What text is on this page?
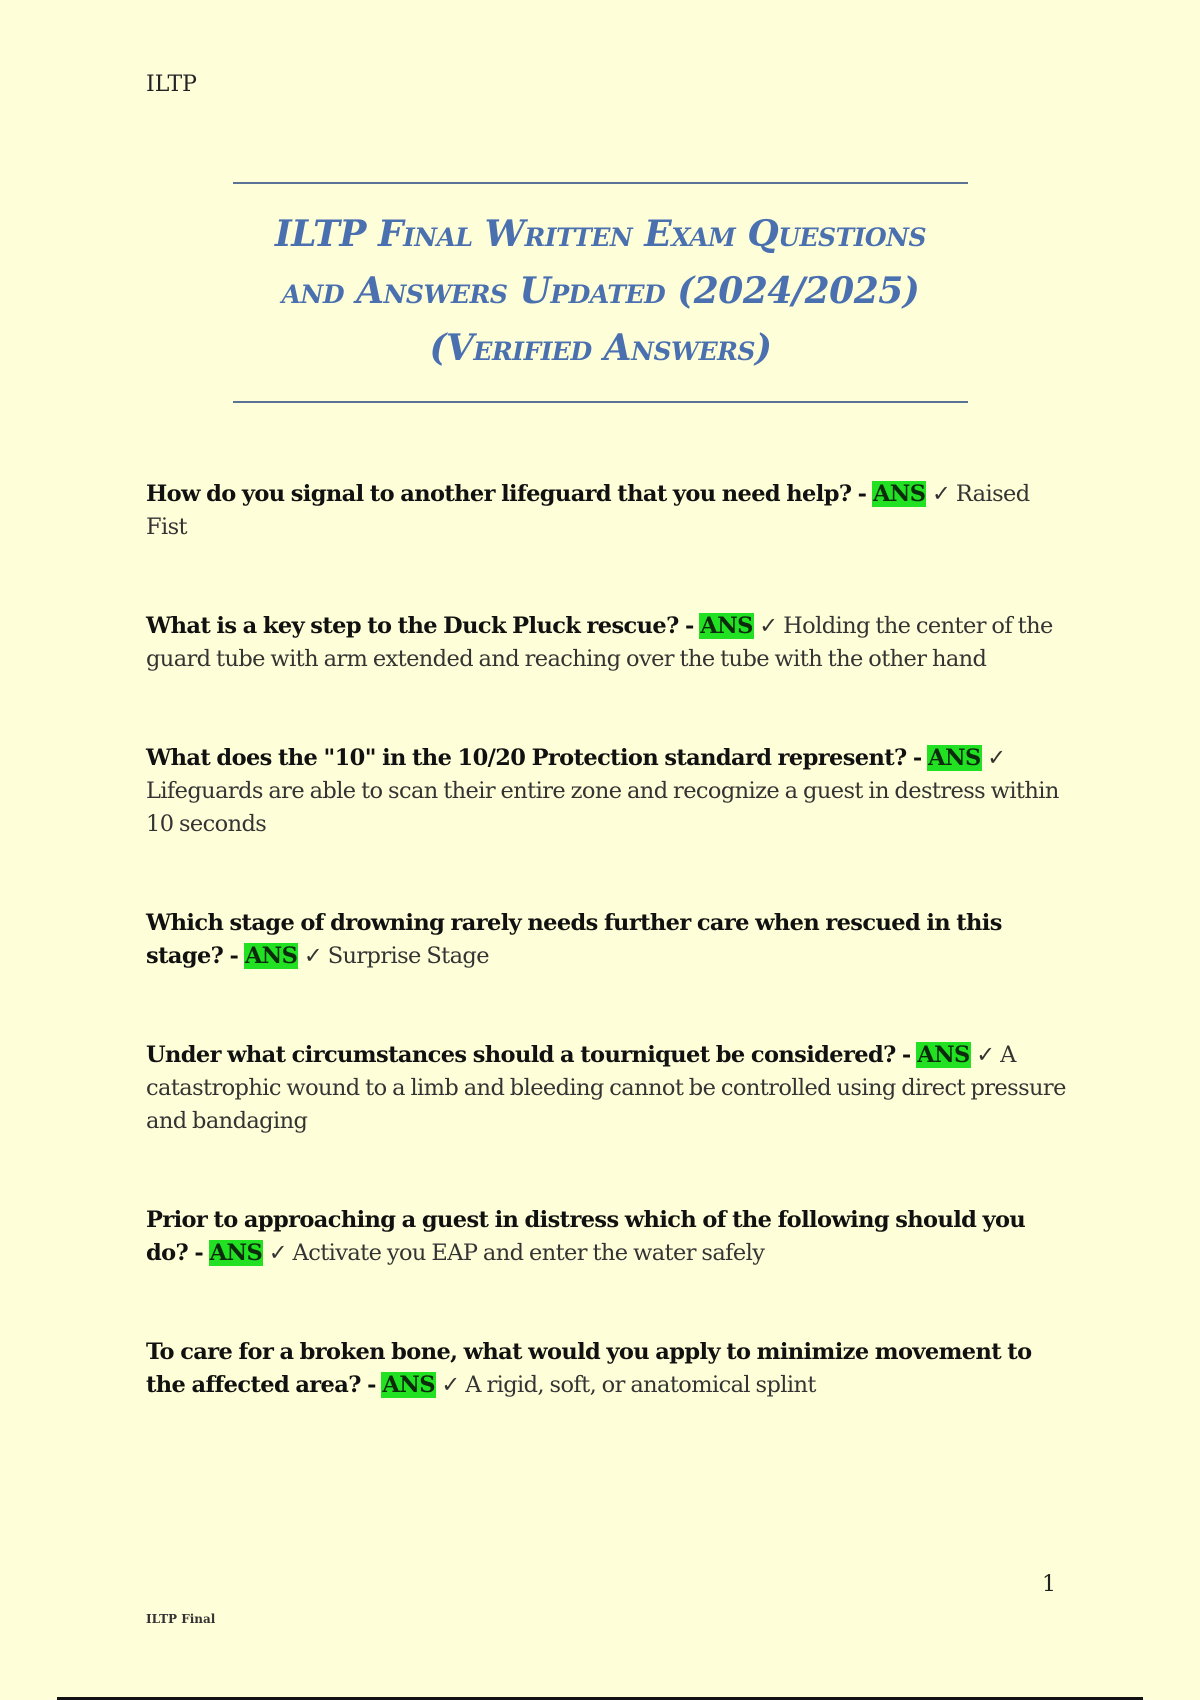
ILTP
ILTP Final Written Exam Questions
and Answers Updated (2024/2025)
(Verified Answers)
How do you signal to another lifeguard that you need help? - ANS ✓ Raised Fist
What is a key step to the Duck Pluck rescue? - ANS ✓ Holding the center of the guard tube with arm extended and reaching over the tube with the other hand
What does the "10" in the 10/20 Protection standard represent? - ANS ✓ Lifeguards are able to scan their entire zone and recognize a guest in destress within 10 seconds
Which stage of drowning rarely needs further care when rescued in this stage? - ANS ✓ Surprise Stage
Under what circumstances should a tourniquet be considered? - ANS ✓ A catastrophic wound to a limb and bleeding cannot be controlled using direct pressure and bandaging
Prior to approaching a guest in distress which of the following should you do? - ANS ✓ Activate you EAP and enter the water safely
To care for a broken bone, what would you apply to minimize movement to the affected area? - ANS ✓ A rigid, soft, or anatomical splint
1
ILTP Final
